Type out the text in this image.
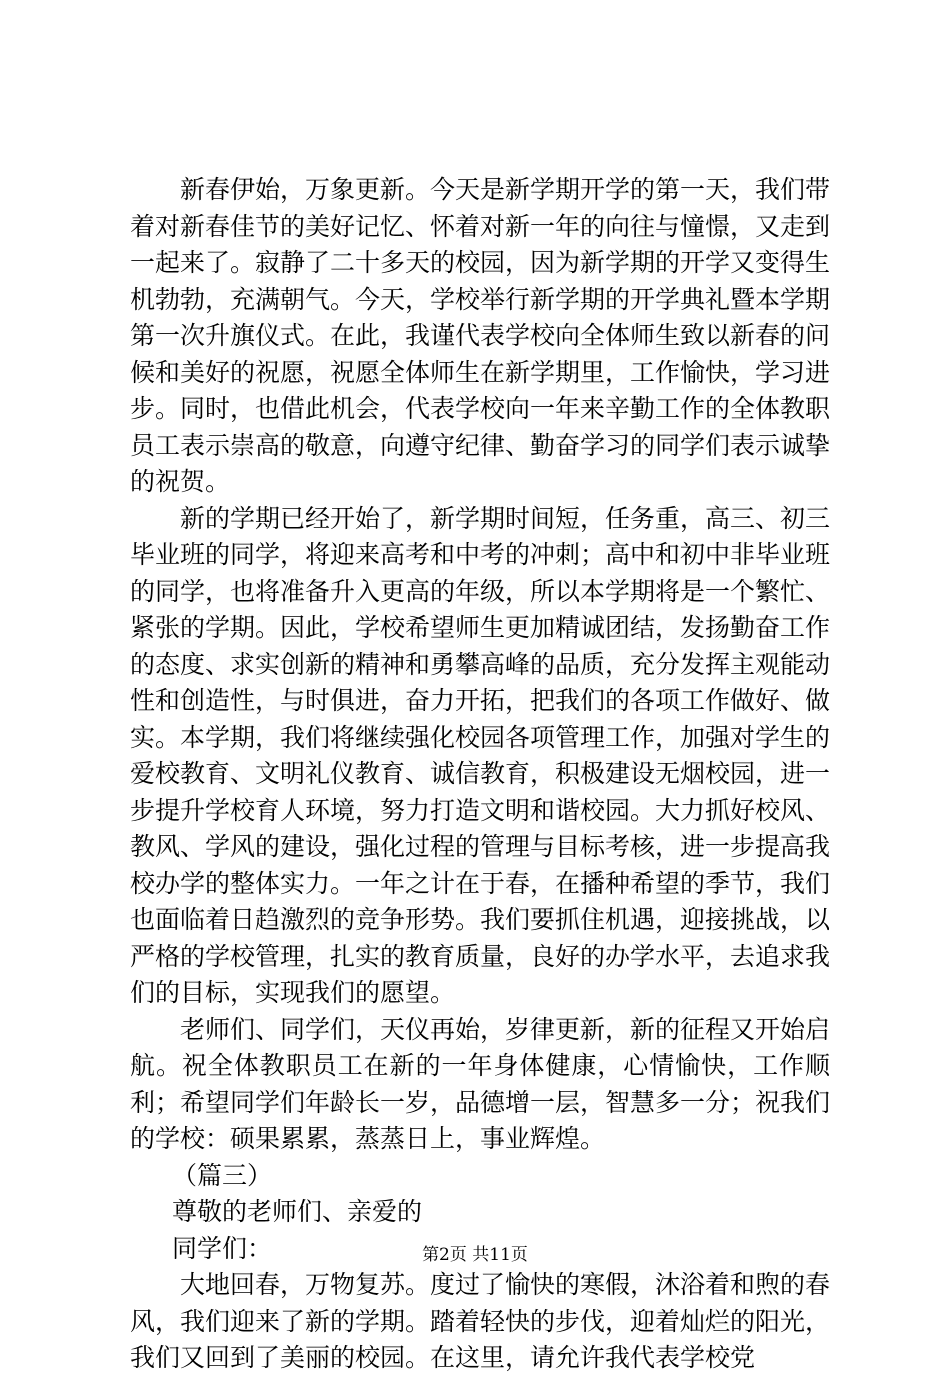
新春伊始，万象更新。今天是新学期开学的第一天，我们带着对新春佳节的美好记忆、怀着对新一年的向往与憧憬，又走到一起来了。寂静了二十多天的校园，因为新学期的开学又变得生机勃勃，充满朝气。今天，学校举行新学期的开学典礼暨本学期第一次升旗仪式。在此，我谨代表学校向全体师生致以新春的问候和美好的祝愿，祝愿全体师生在新学期里，工作愉快，学习进步。同时，也借此机会，代表学校向一年来辛勤工作的全体教职员工表示崇高的敬意，向遵守纪律、勤奋学习的同学们表示诚挚的祝贺。

新的学期已经开始了，新学期时间短，任务重，高三、初三毕业班的同学，将迎来高考和中考的冲刺；高中和初中非毕业班的同学，也将准备升入更高的年级，所以本学期将是一个繁忙、紧张的学期。因此，学校希望师生更加精诚团结，发扬勤奋工作的态度、求实创新的精神和勇攀高峰的品质，充分发挥主观能动性和创造性，与时俱进，奋力开拓，把我们的各项工作做好、做实。本学期，我们将继续强化校园各项管理工作，加强对学生的爱校教育、文明礼仪教育、诚信教育，积极建设无烟校园，进一步提升学校育人环境，努力打造文明和谐校园。大力抓好校风、教风、学风的建设，强化过程的管理与目标考核，进一步提高我校办学的整体实力。一年之计在于春，在播种希望的季节，我们也面临着日趋激烈的竞争形势。我们要抓住机遇，迎接挑战，以严格的学校管理，扎实的教育质量，良好的办学水平，去追求我们的目标，实现我们的愿望。

老师们、同学们，天仪再始，岁律更新，新的征程又开始启航。祝全体教职员工在新的一年身体健康，心情愉快，工作顺利；希望同学们年龄长一岁，品德增一层，智慧多一分；祝我们的学校：硕果累累，蒸蒸日上，事业辉煌。

（篇三）

尊敬的老师们、亲爱的

同学们：

大地回春，万物复苏。度过了愉快的寒假，沐浴着和煦的春风，我们迎来了新的学期。踏着轻快的步伐，迎着灿烂的阳光，我们又回到了美丽的校园。在这里，请允许我代表学校党

第2页 共11页
